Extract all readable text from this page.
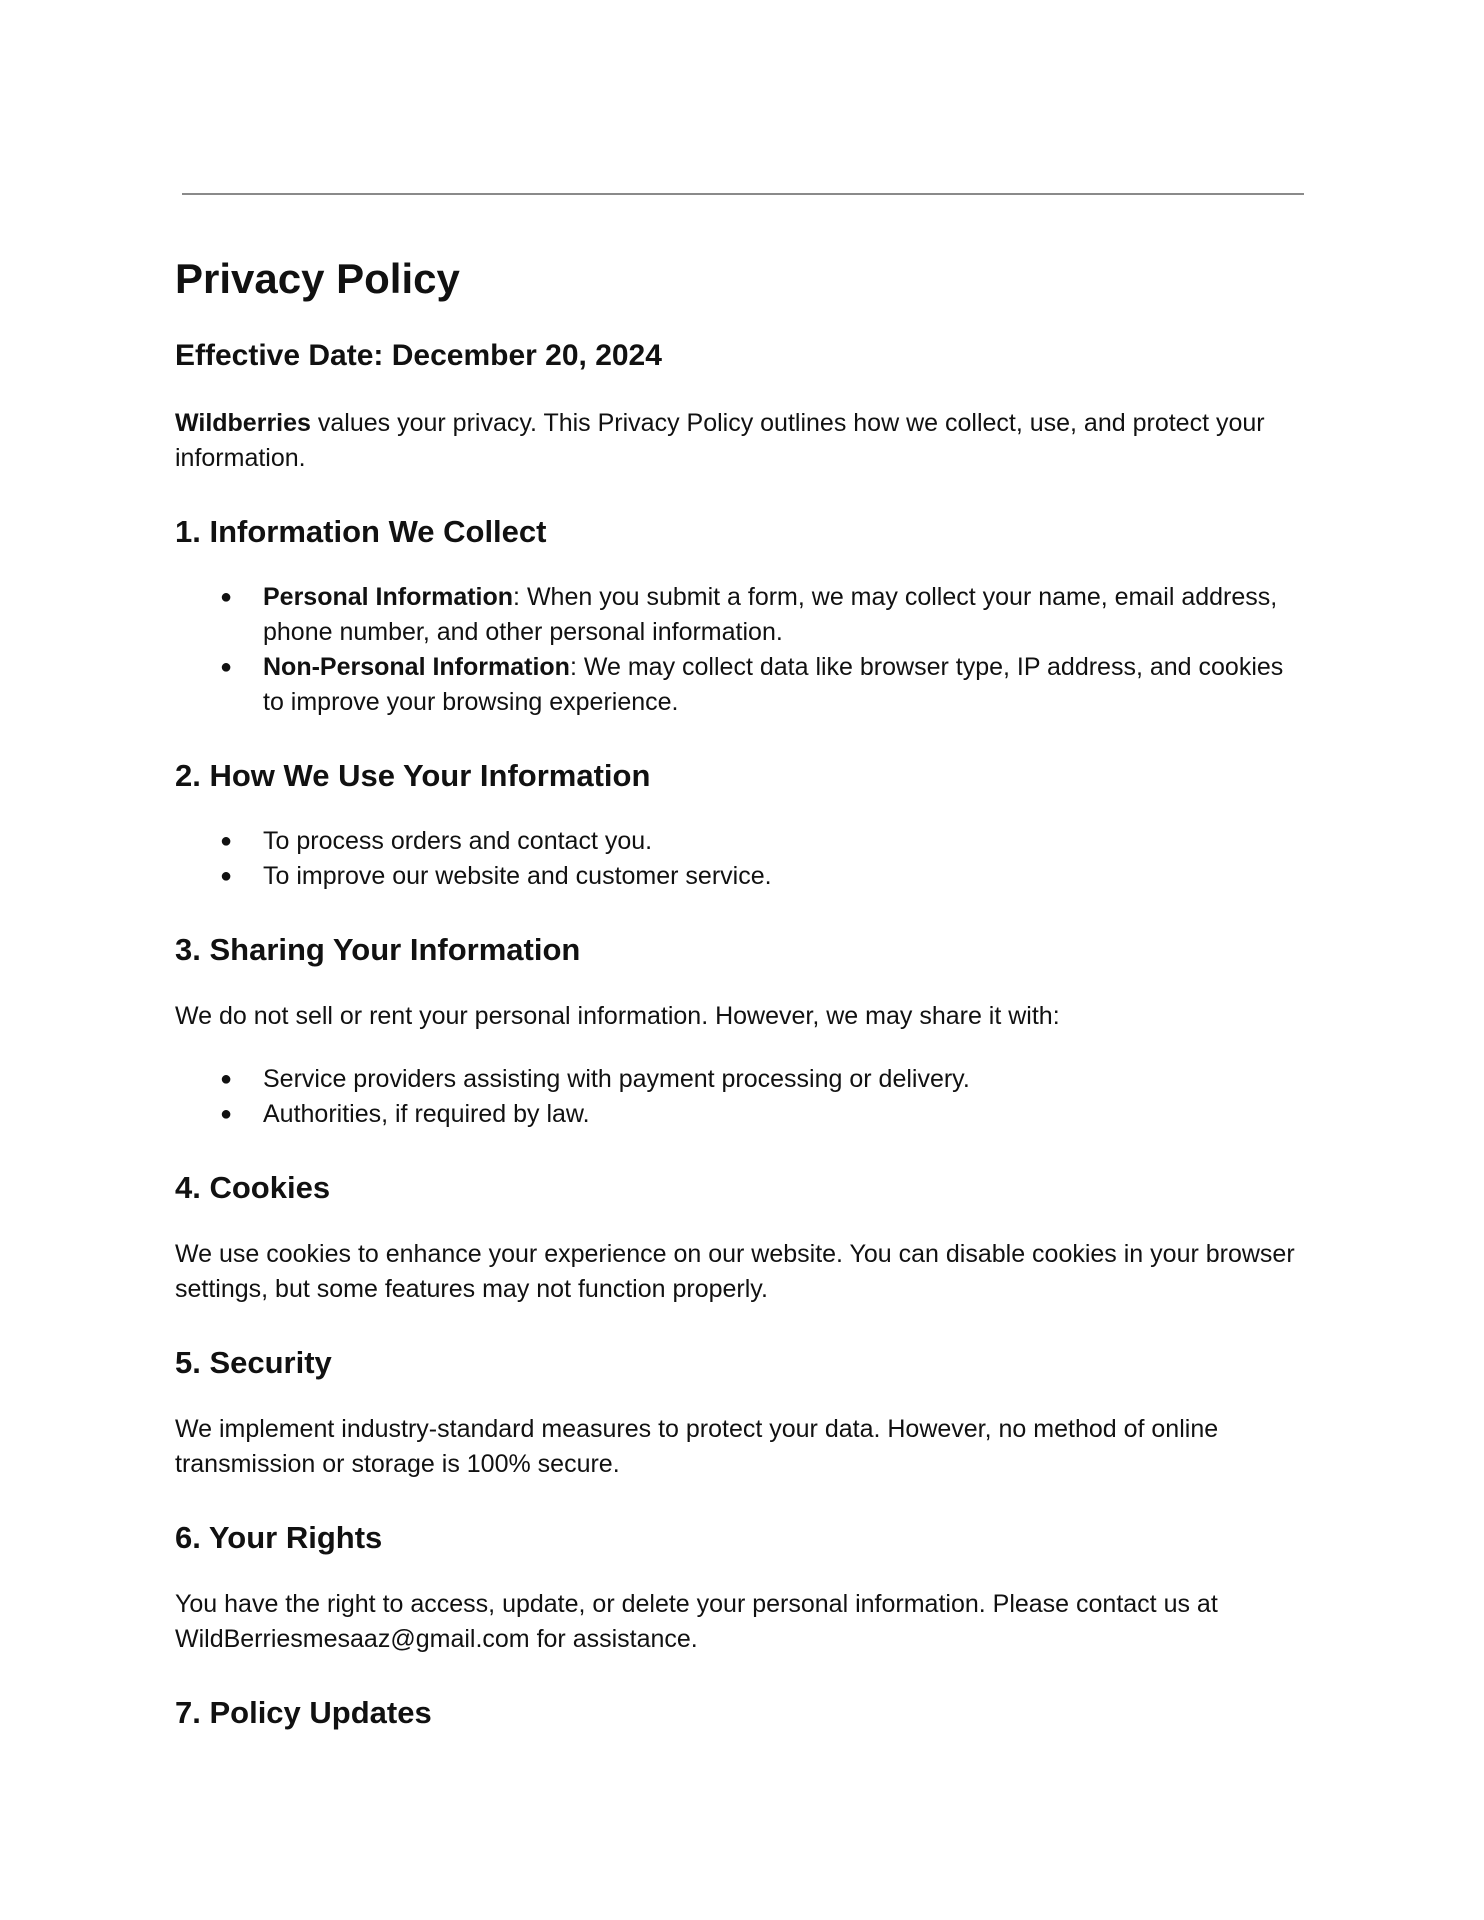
Privacy Policy
Effective Date: December 20, 2024

Wildberries values your privacy. This Privacy Policy outlines how we collect, use, and protect your information.

1. Information We Collect
● Personal Information: When you submit a form, we may collect your name, email address, phone number, and other personal information.
● Non-Personal Information: We may collect data like browser type, IP address, and cookies to improve your browsing experience.
2. How We Use Your Information
● To process orders and contact you.
● To improve our website and customer service.
3. Sharing Your Information

We do not sell or rent your personal information. However, we may share it with:

● Service providers assisting with payment processing or delivery.
● Authorities, if required by law.
4. Cookies

We use cookies to enhance your experience on our website. You can disable cookies in your browser settings, but some features may not function properly.

5. Security

We implement industry-standard measures to protect your data. However, no method of online transmission or storage is 100% secure.

6. Your Rights

You have the right to access, update, or delete your personal information. Please contact us at WildBerriesmesaaz@gmail.com for assistance.

7. Policy Updates
